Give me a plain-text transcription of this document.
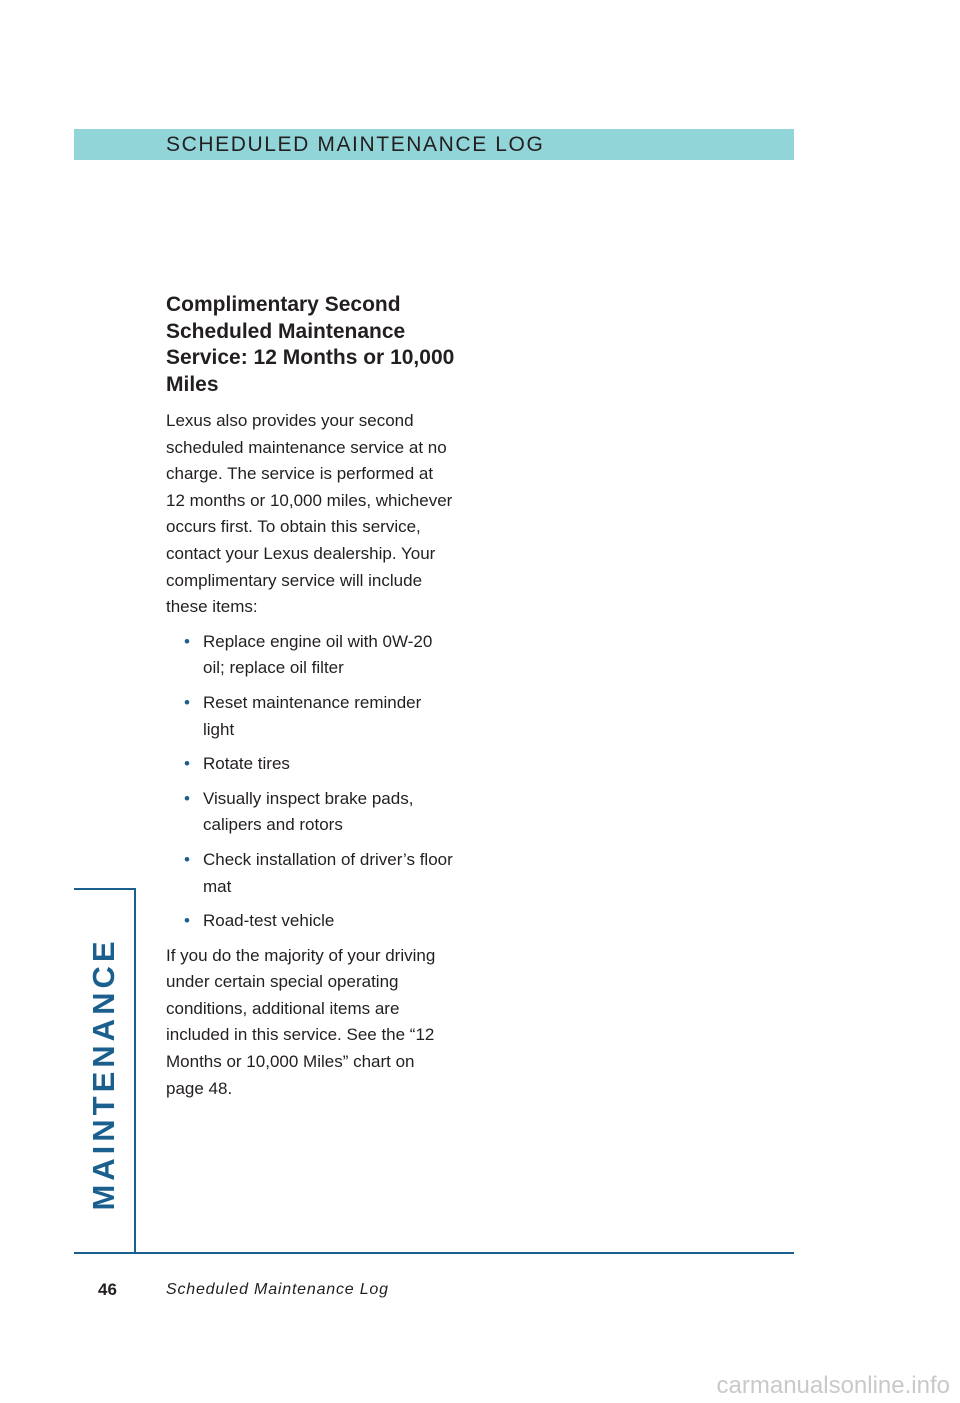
SCHEDULED MAINTENANCE LOG
Complimentary Second Scheduled Maintenance Service: 12 Months or 10,000 Miles

Lexus also provides your second scheduled maintenance service at no charge. The service is performed at 12 months or 10,000 miles, whichever occurs first. To obtain this service, contact your Lexus dealership. Your complimentary service will include these items:

• Replace engine oil with 0W-20 oil; replace oil filter
• Reset maintenance reminder light
• Rotate tires
• Visually inspect brake pads, calipers and rotors
• Check installation of driver’s floor mat
• Road-test vehicle

If you do the majority of your driving under certain special operating conditions, additional items are included in this service. See the “12 Months or 10,000 Miles” chart on page 48.

MAINTENANCE
46	Scheduled Maintenance Log
carmanualsonline.info
